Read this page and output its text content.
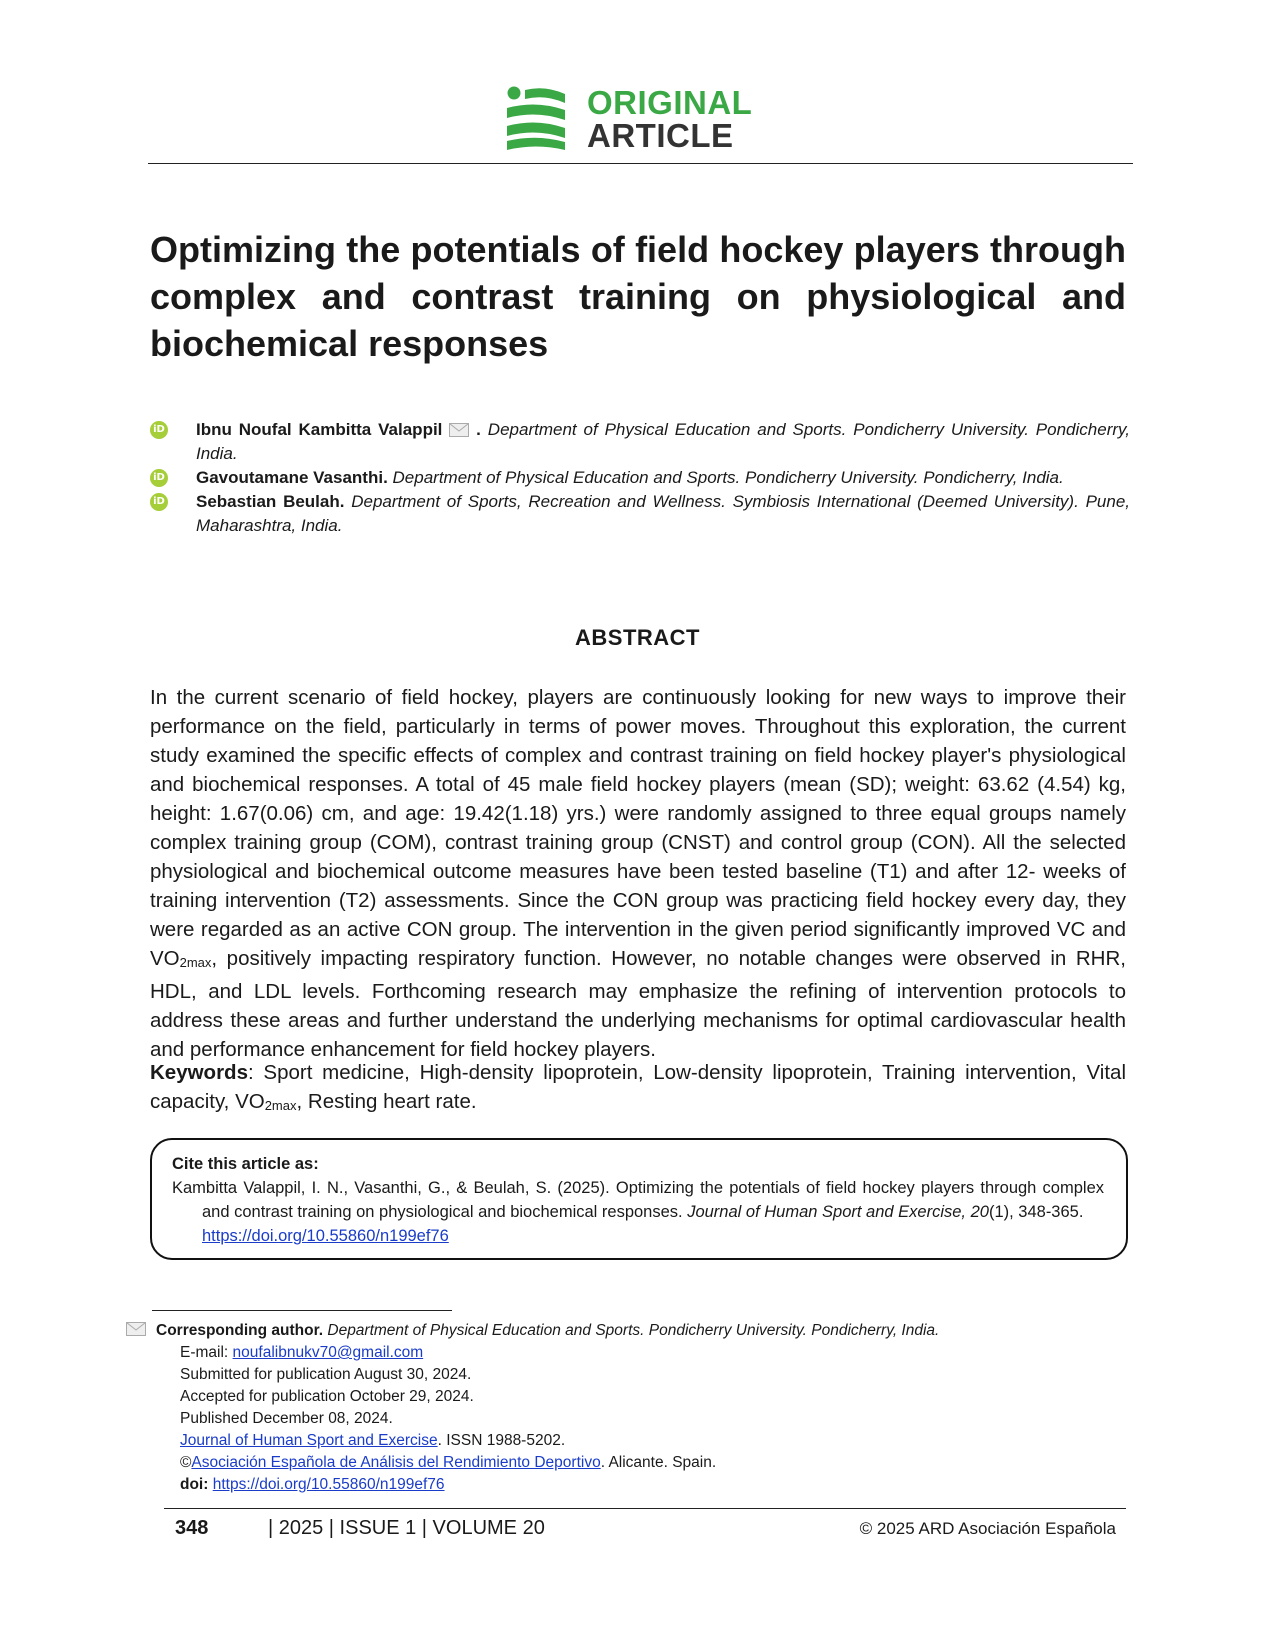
ORIGINAL
ARTICLE
Optimizing the potentials of field hockey players through complex and contrast training on physiological and biochemical responses
iD Ibnu Noufal Kambitta Valappil  . Department of Physical Education and Sports. Pondicherry University. Pondicherry, India.
iD Gavoutamane Vasanthi. Department of Physical Education and Sports. Pondicherry University. Pondicherry, India.
iD Sebastian Beulah. Department of Sports, Recreation and Wellness. Symbiosis International (Deemed University). Pune, Maharashtra, India.
ABSTRACT

In the current scenario of field hockey, players are continuously looking for new ways to improve their performance on the field, particularly in terms of power moves. Throughout this exploration, the current study examined the specific effects of complex and contrast training on field hockey player's physiological and biochemical responses. A total of 45 male field hockey players (mean (SD); weight: 63.62 (4.54) kg, height: 1.67(0.06) cm, and age: 19.42(1.18) yrs.) were randomly assigned to three equal groups namely complex training group (COM), contrast training group (CNST) and control group (CON). All the selected physiological and biochemical outcome measures have been tested baseline (T1) and after 12- weeks of training intervention (T2) assessments. Since the CON group was practicing field hockey every day, they were regarded as an active CON group. The intervention in the given period significantly improved VC and $VO_{2max}$, positively impacting respiratory function. However, no notable changes were observed in RHR, HDL, and LDL levels. Forthcoming research may emphasize the refining of intervention protocols to address these areas and further understand the underlying mechanisms for optimal cardiovascular health and performance enhancement for field hockey players.

Keywords: Sport medicine, High-density lipoprotein, Low-density lipoprotein, Training intervention, Vital capacity, $VO_{2max}$, Resting heart rate.

Cite this article as:
Kambitta Valappil, I. N., Vasanthi, G., & Beulah, S. (2025). Optimizing the potentials of field hockey players through complex and contrast training on physiological and biochemical responses. Journal of Human Sport and Exercise, 20(1), 348-365.
https://doi.org/10.55860/n199ef76
Corresponding author. Department of Physical Education and Sports. Pondicherry University. Pondicherry, India.
E-mail: noufalibnukv70@gmail.com
Submitted for publication August 30, 2024.
Accepted for publication October 29, 2024.
Published December 08, 2024.
Journal of Human Sport and Exercise. ISSN 1988-5202.
©Asociación Española de Análisis del Rendimiento Deportivo. Alicante. Spain.
doi: https://doi.org/10.55860/n199ef76
348	| 2025 | ISSUE 1 | VOLUME 20	© 2025 ARD Asociación Española
